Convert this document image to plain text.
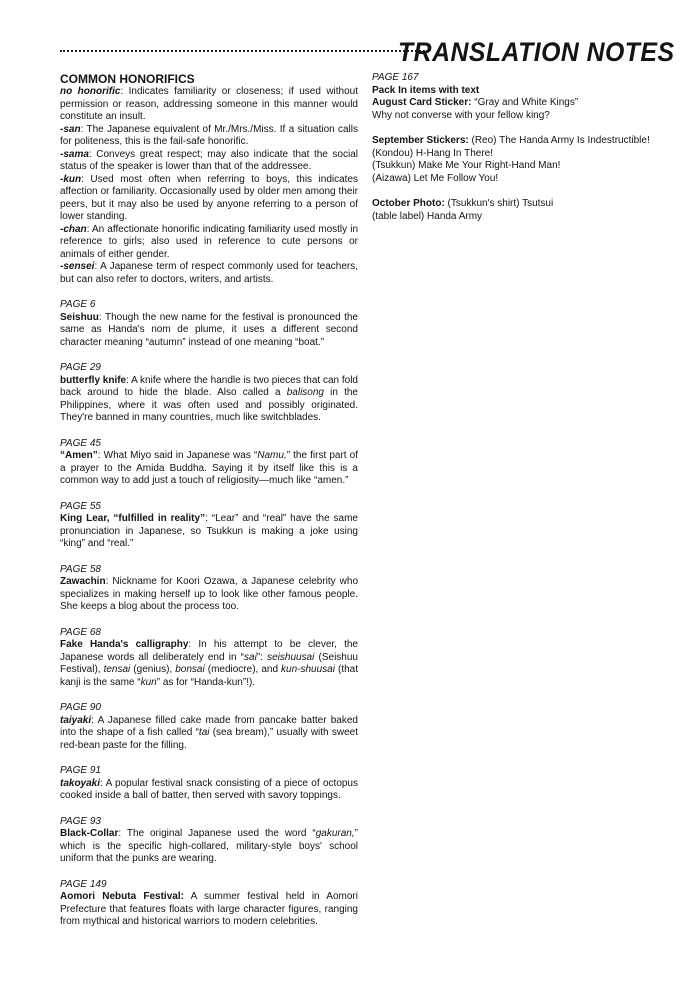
TRANSLATION NOTES

COMMON HONORIFICS

no honorific: Indicates familiarity or closeness; if used without permission or reason, addressing someone in this manner would constitute an insult.

-san: The Japanese equivalent of Mr./Mrs./Miss. If a situation calls for politeness, this is the fail-safe honorific.

-sama: Conveys great respect; may also indicate that the social status of the speaker is lower than that of the addressee.

-kun: Used most often when referring to boys, this indicates affection or familiarity. Occasionally used by older men among their peers, but it may also be used by anyone referring to a person of lower standing.

-chan: An affectionate honorific indicating familiarity used mostly in reference to girls; also used in reference to cute persons or animals of either gender.

-sensei: A Japanese term of respect commonly used for teachers, but can also refer to doctors, writers, and artists.

PAGE 6

Seishuu: Though the new name for the festival is pronounced the same as Handa's nom de plume, it uses a different second character meaning “autumn” instead of one meaning “boat.”

PAGE 29

butterfly knife: A knife where the handle is two pieces that can fold back around to hide the blade. Also called a balisong in the Philippines, where it was often used and possibly originated. They're banned in many countries, much like switchblades.

PAGE 45

“Amen”: What Miyo said in Japanese was “Namu,” the first part of a prayer to the Amida Buddha. Saying it by itself like this is a common way to add just a touch of religiosity—much like “amen.”

PAGE 55

King Lear, “fulfilled in reality”: “Lear” and “real” have the same pronunciation in Japanese, so Tsukkun is making a joke using “king” and “real.”

PAGE 58

Zawachin: Nickname for Koori Ozawa, a Japanese celebrity who specializes in making herself up to look like other famous people. She keeps a blog about the process too.

PAGE 68

Fake Handa's calligraphy: In his attempt to be clever, the Japanese words all deliberately end in “sai”: seishuusai (Seishuu Festival), tensai (genius), bonsai (mediocre), and kun-shuusai (that kanji is the same “kun” as for “Handa-kun”!).

PAGE 90

taiyaki: A Japanese filled cake made from pancake batter baked into the shape of a fish called “tai (sea bream),” usually with sweet red-bean paste for the filling.

PAGE 91

takoyaki: A popular festival snack consisting of a piece of octopus cooked inside a ball of batter, then served with savory toppings.

PAGE 93

Black-Collar: The original Japanese used the word “gakuran,” which is the specific high-collared, military-style boys' school uniform that the punks are wearing.

PAGE 149

Aomori Nebuta Festival: A summer festival held in Aomori Prefecture that features floats with large character figures, ranging from mythical and historical warriors to modern celebrities.

PAGE 167

Pack In items with text

August Card Sticker: “Gray and White Kings”

Why not converse with your fellow king?

September Stickers: (Reo) The Handa Army Is Indestructible!

(Kondou) H-Hang In There!

(Tsukkun) Make Me Your Right-Hand Man!

(Aizawa) Let Me Follow You!

October Photo: (Tsukkun's shirt) Tsutsui

(table label) Handa Army
